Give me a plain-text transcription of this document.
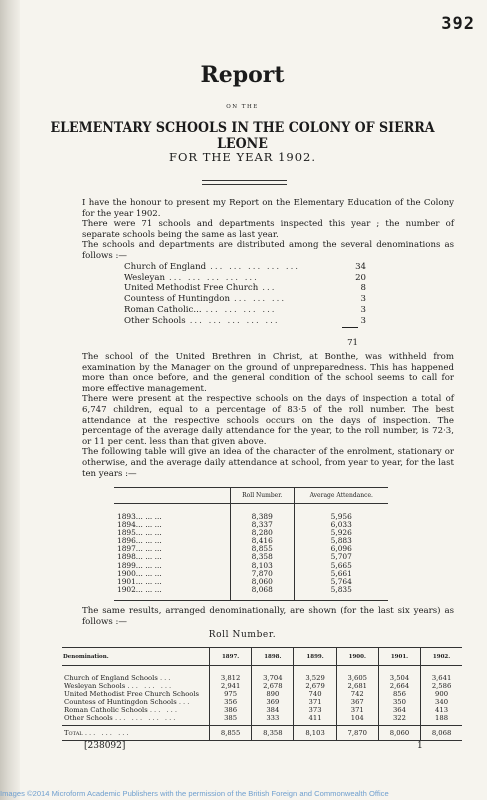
392
Report
ON THE
ELEMENTARY SCHOOLS IN THE COLONY OF SIERRA LEONE
FOR THE YEAR 1902.
I have the honour to present my Report on the Elementary Education of the Colony for the year 1902.
There were 71 schools and departments inspected this year ; the number of separate schools being the same as last year.
The schools and departments are distributed among the several denominations as follows :—
Church of England ... ... ... ... ...	34
Wesleyan ... ... ... ... ...	20
United Methodist Free Church ...	8
Countess of Huntingdon ... ... ...	3
Roman Catholic... ... ... ... ...	3
Other Schools ... ... ... ... ...	3
71
The school of the United Brethren in Christ, at Bonthe, was withheld from examination by the Manager on the ground of unpreparedness. This has happened more than once before, and the general condition of the school seems to call for more effective management.
There were present at the respective schools on the days of inspection a total of 6,747 children, equal to a percentage of 83·5 of the roll number. The best attendance at the respective schools occurs on the days of inspection. The percentage of the average daily attendance for the year, to the roll number, is 72·3, or 11 per cent. less than that given above.
The following table will give an idea of the character of the enrolment, stationary or otherwise, and the average daily attendance at school, from year to year, for the last ten years :—
	Roll Number.	Average Attendance.
1893... ... ...	8,389	5,956
1894... ... ...	8,337	6,033
1895... ... ...	8,280	5,926
1896... ... ...	8,416	5,883
1897... ... ...	8,855	6,096
1898... ... ...	8,358	5,707
1899... ... ...	8,103	5,665
1900... ... ...	7,870	5,661
1901... ... ...	8,060	5,764
1902... ... ...	8,068	5,835
The same results, arranged denominationally, are shown (for the last six years) as follows :—
Roll Number.
Denomination.	1897.	1898.	1899.	1900.	1901.	1902.
Church of England Schools ...	3,812	3,704	3,529	3,605	3,504	3,641
Wesleyan Schools ... ... ...	2,941	2,678	2,679	2,681	2,664	2,586
United Methodist Free Church Schools	975	890	740	742	856	900
Countess of Huntingdon Schools ...	356	369	371	367	350	340
Roman Catholic Schools ... ...	386	384	373	371	364	413
Other Schools ... ... ... ...	385	333	411	104	322	188
Total ... ... ...	8,855	8,358	8,103	7,870	8,060	8,068
[238092]	1
Images ©2014 Microform Academic Publishers with the permission of the British Foreign and Commonwealth Office
